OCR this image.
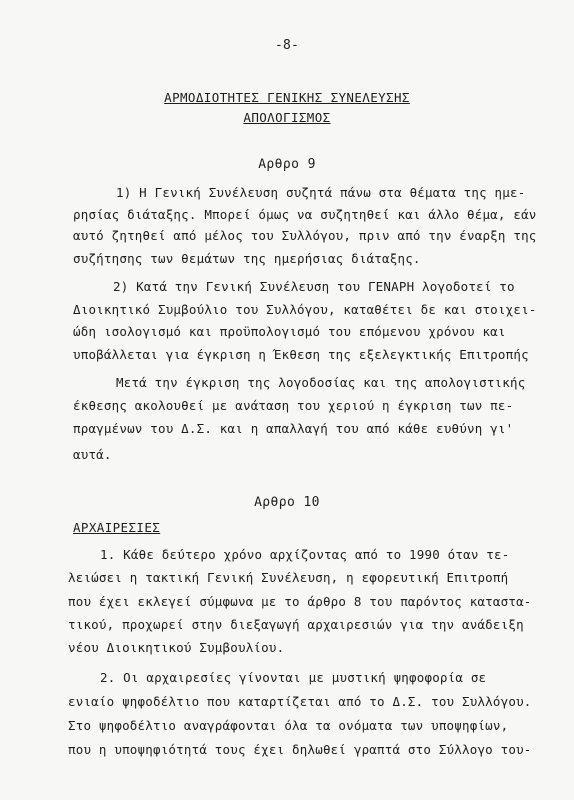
-8-
ΑΡΜΟΔΙΟΤΗΤΕΣ ΓΕΝΙΚΗΣ ΣΥΝΕΛΕΥΣΗΣ
ΑΠΟΛΟΓΙΣΜΟΣ
Αρθρο 9
1) Η Γενική Συνέλευση συζητά πάνω στα θέματα της ημε-
ρησίας διάταξης. Μπορεί όμως να συζητηθεί και άλλο θέμα, εάν
αυτό ζητηθεί από μέλος του Συλλόγου, πριν από την έναρξη της
συζήτησης των θεμάτων της ημερήσιας διάταξης.
2) Κατά την Γενική Συνέλευση του ΓΕΝΑΡΗ λογοδοτεί το
Διοικητικό Συμβούλιο του Συλλόγου, καταθέτει δε και στοιχει-
ώδη ισολογισμό και προϋπολογισμό του επόμενου χρόνου και
υποβάλλεται για έγκριση η Έκθεση της εξελεγκτικής Επιτροπής
Μετά την έγκριση της λογοδοσίας και της απολογιστικής
έκθεσης ακολουθεί με ανάταση του χεριού η έγκριση των πε-
πραγμένων του Δ.Σ. και η απαλλαγή του από κάθε ευθύνη γι'
αυτά.
Αρθρο 10
ΑΡΧΑΙΡΕΣΙΕΣ
1. Κάθε δεύτερο χρόνο αρχίζοντας από το 1990 όταν τε-
λειώσει η τακτική Γενική Συνέλευση, η εφορευτική Επιτροπή
που έχει εκλεγεί σύμφωνα με το άρθρο 8 του παρόντος καταστα-
τικού, προχωρεί στην διεξαγωγή αρχαιρεσιών για την ανάδειξη
νέου Διοικητικού Συμβουλίου.
2. Οι αρχαιρεσίες γίνονται με μυστική ψηφοφορία σε
ενιαίο ψηφοδέλτιο που καταρτίζεται από το Δ.Σ. του Συλλόγου.
Στο ψηφοδέλτιο αναγράφονται όλα τα ονόματα των υποψηφίων,
που η υποψηφιότητά τους έχει δηλωθεί γραπτά στο Σύλλογο του-
